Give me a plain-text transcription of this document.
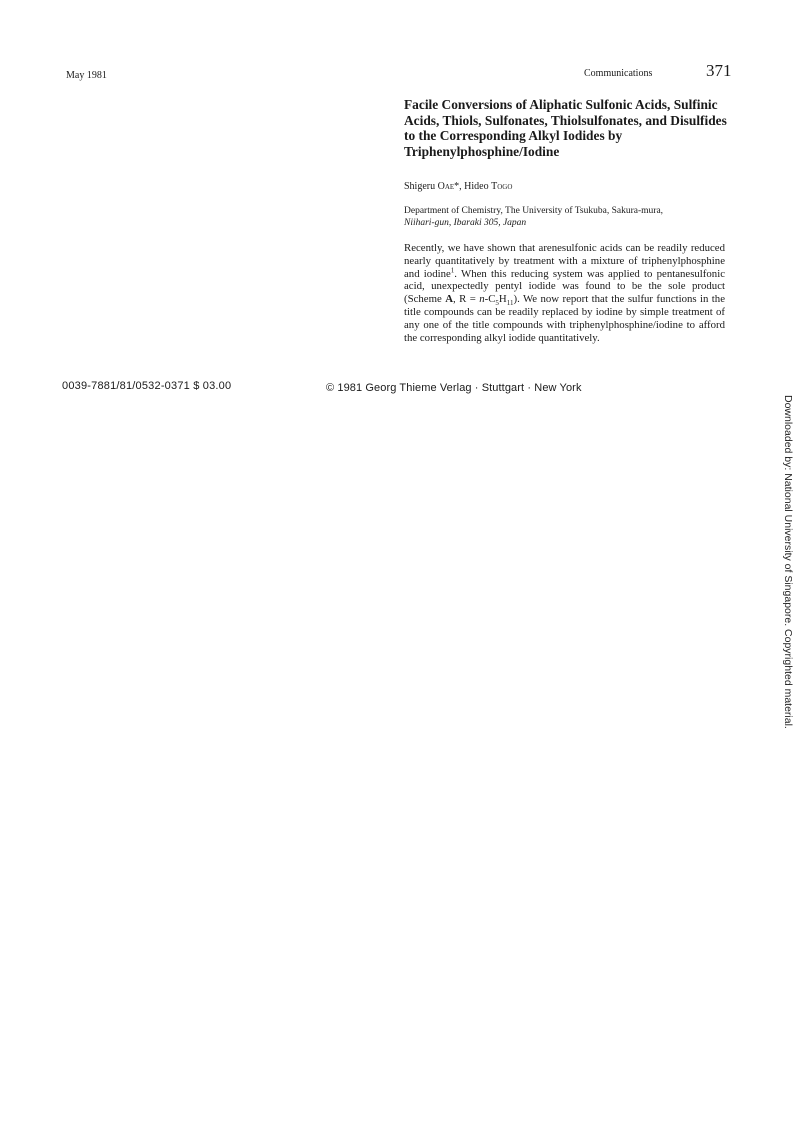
May 1981	Communications	371
Facile Conversions of Aliphatic Sulfonic Acids, Sulfinic Acids, Thiols, Sulfonates, Thiolsulfonates, and Disulfides to the Corresponding Alkyl Iodides by Triphenylphosphine/Iodine
Shigeru Oae*, Hideo Togo
Department of Chemistry, The University of Tsukuba, Sakura-mura,
Niihari-gun, Ibaraki 305, Japan
Recently, we have shown that arenesulfonic acids can be readily reduced nearly quantitatively by treatment with a mixture of triphenylphosphine and iodine$^1$. When this reducing system was applied to pentanesulfonic acid, unexpectedly pentyl iodide was found to be the sole product (Scheme A, $R = n-C_5H_{11}$). We now report that the sulfur functions in the title compounds can be readily replaced by iodine by simple treatment of any one of the title compounds with triphenylphosphine/iodine to afford the corresponding alkyl iodide quantitatively.
0039-7881/81/0532-0371 $ 03.00	© 1981 Georg Thieme Verlag · Stuttgart · New York
Downloaded by: National University of Singapore. Copyrighted material.
